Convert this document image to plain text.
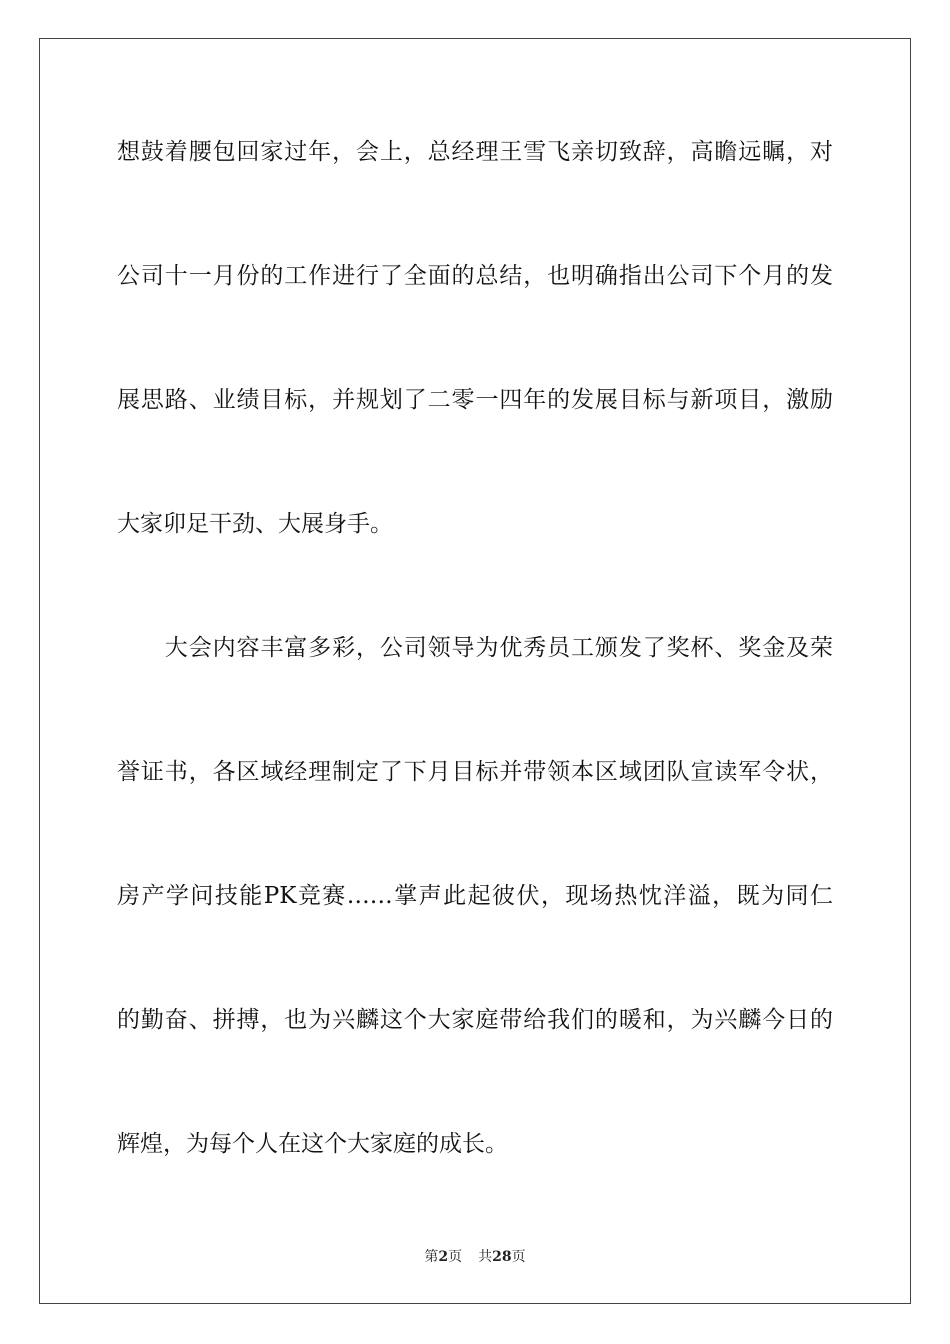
想鼓着腰包回家过年，会上，总经理王雪飞亲切致辞，高瞻远瞩，对
公司十一月份的工作进行了全面的总结，也明确指出公司下个月的发
展思路、业绩目标，并规划了二零一四年的发展目标与新项目，激励
大家卯足干劲、大展身手。
　　大会内容丰富多彩，公司领导为优秀员工颁发了奖杯、奖金及荣
誉证书，各区域经理制定了下月目标并带领本区域团队宣读军令状，
房产学问技能PK竞赛……掌声此起彼伏，现场热忱洋溢，既为同仁
的勤奋、拼搏，也为兴麟这个大家庭带给我们的暖和，为兴麟今日的
辉煌，为每个人在这个大家庭的成长。
第2页 共28页
